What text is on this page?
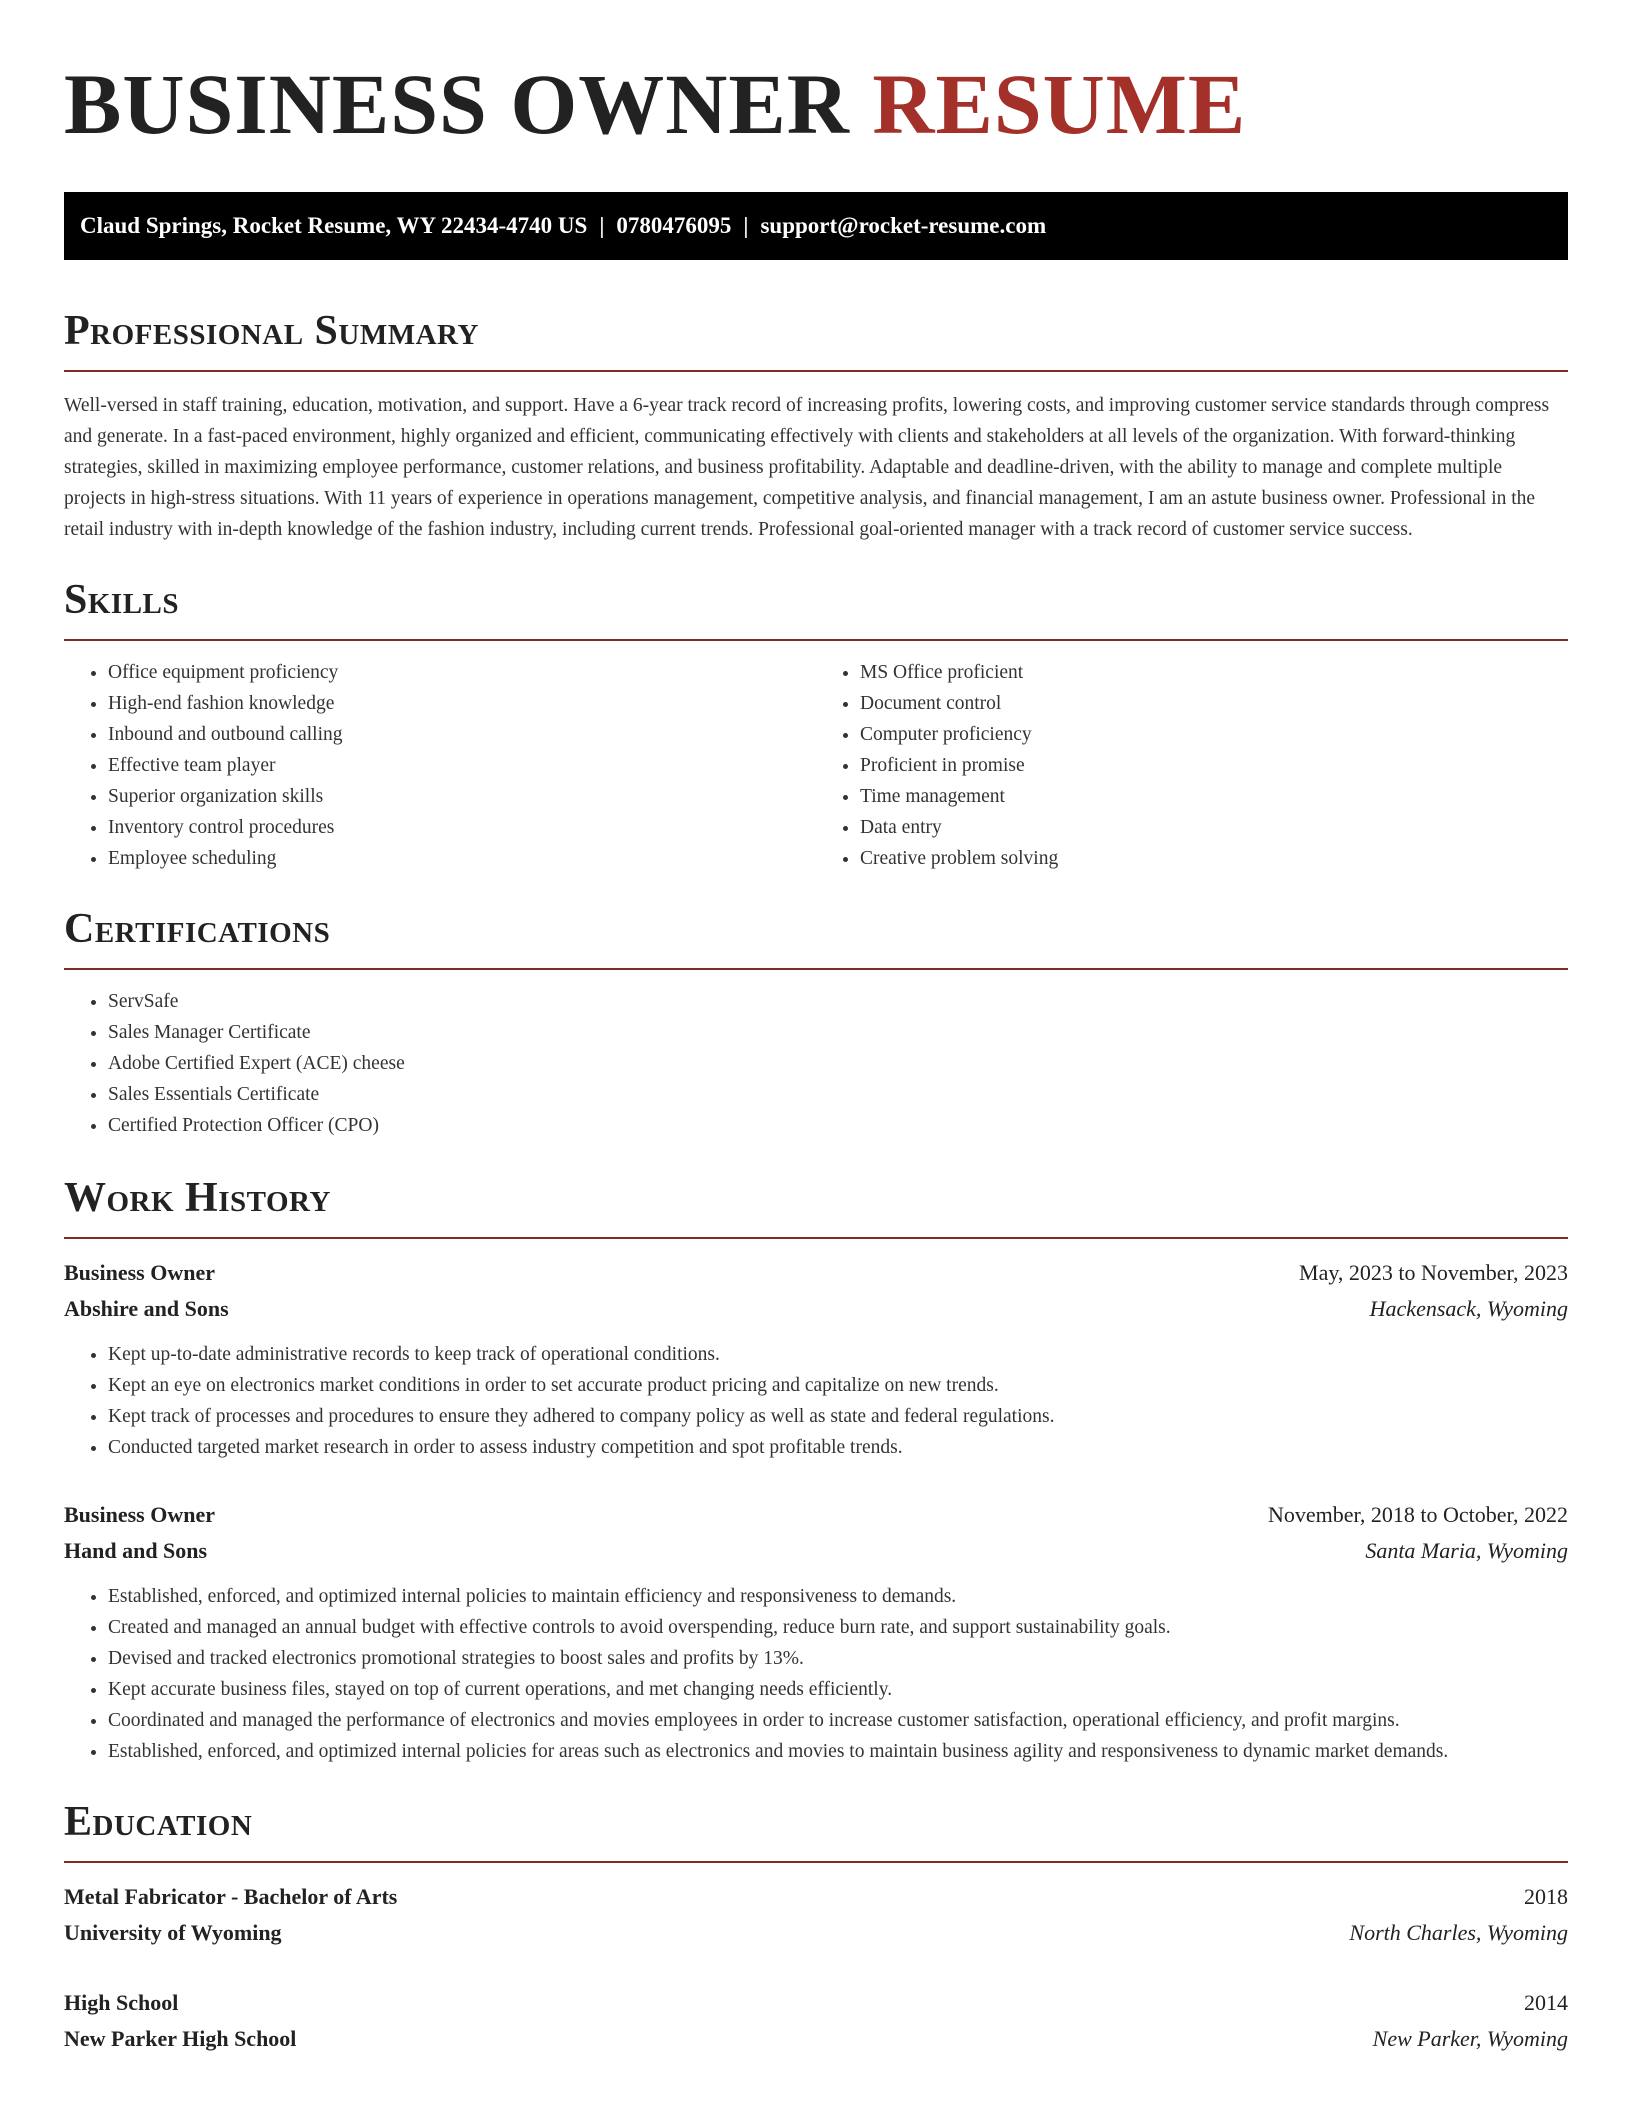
BUSINESS OWNER RESUME
Claud Springs, Rocket Resume, WY 22434-4740 US | 0780476095 | support@rocket-resume.com
Professional Summary

Well-versed in staff training, education, motivation, and support. Have a 6-year track record of increasing profits, lowering costs, and improving customer service standards through compress and generate. In a fast-paced environment, highly organized and efficient, communicating effectively with clients and stakeholders at all levels of the organization. With forward-thinking strategies, skilled in maximizing employee performance, customer relations, and business profitability. Adaptable and deadline-driven, with the ability to manage and complete multiple projects in high-stress situations. With 11 years of experience in operations management, competitive analysis, and financial management, I am an astute business owner. Professional in the retail industry with in-depth knowledge of the fashion industry, including current trends. Professional goal-oriented manager with a track record of customer service success.

Skills
• Office equipment proficiency
• High-end fashion knowledge
• Inbound and outbound calling
• Effective team player
• Superior organization skills
• Inventory control procedures
• Employee scheduling
• MS Office proficient
• Document control
• Computer proficiency
• Proficient in promise
• Time management
• Data entry
• Creative problem solving
Certifications
• ServSafe
• Sales Manager Certificate
• Adobe Certified Expert (ACE) cheese
• Sales Essentials Certificate
• Certified Protection Officer (CPO)
Work History
Business Owner	May, 2023 to November, 2023
Abshire and Sons	Hackensack, Wyoming
• Kept up-to-date administrative records to keep track of operational conditions.
• Kept an eye on electronics market conditions in order to set accurate product pricing and capitalize on new trends.
• Kept track of processes and procedures to ensure they adhered to company policy as well as state and federal regulations.
• Conducted targeted market research in order to assess industry competition and spot profitable trends.
Business Owner	November, 2018 to October, 2022
Hand and Sons	Santa Maria, Wyoming
• Established, enforced, and optimized internal policies to maintain efficiency and responsiveness to demands.
• Created and managed an annual budget with effective controls to avoid overspending, reduce burn rate, and support sustainability goals.
• Devised and tracked electronics promotional strategies to boost sales and profits by 13%.
• Kept accurate business files, stayed on top of current operations, and met changing needs efficiently.
• Coordinated and managed the performance of electronics and movies employees in order to increase customer satisfaction, operational efficiency, and profit margins.
• Established, enforced, and optimized internal policies for areas such as electronics and movies to maintain business agility and responsiveness to dynamic market demands.
Education
Metal Fabricator - Bachelor of Arts	2018
University of Wyoming	North Charles, Wyoming
High School	2014
New Parker High School	New Parker, Wyoming
